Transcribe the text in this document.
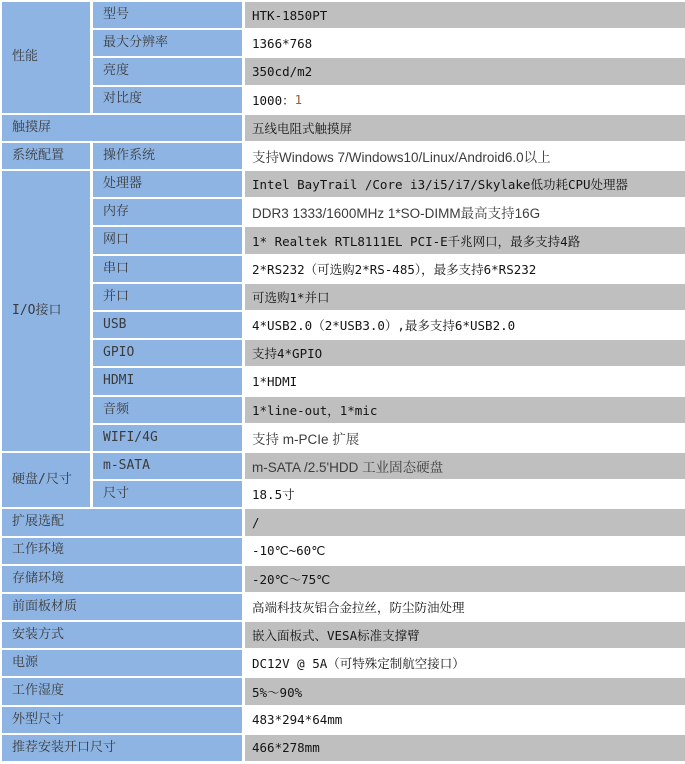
性能
触摸屏
系统配置
I/O接口
硬盘/尺寸
扩展选配
工作环境
存储环境
前面板材质
安装方式
电源
工作湿度
外型尺寸
推荐安装开口尺寸
型号
最大分辨率
亮度
对比度
操作系统
处理器
内存
网口
串口
并口
USB
GPIO
HDMI
音频
WIFI/4G
m-SATA
尺寸
HTK-1850PT
1366*768
350cd/m2
1000： 1
五线电阻式触摸屏
支持Windows 7/Windows10/Linux/Android6.0以上
Intel BayTrail /Core i3/i5/i7/Skylake低功耗CPU处理器
DDR3 1333/1600MHz 1*SO-DIMM最高支持16G
1* Realtek RTL8111EL PCI-E千兆网口，最多支持4路
2*RS232（可选购2*RS-485），最多支持6*RS232
可选购1*并口
4*USB2.0（2*USB3.0）,最多支持6*USB2.0
支持4*GPIO
1*HDMI
1*line-out，1*mic
支持 m-PCIe 扩展
m-SATA /2.5'HDD 工业固态硬盘
18.5寸
/
-10℃~60℃
-20℃～75℃
高端科技灰铝合金拉丝，防尘防油处理
嵌入面板式、VESA标准支撑臂
DC12V @ 5A（可特殊定制航空接口）
5%～90%
483*294*64mm
466*278mm
